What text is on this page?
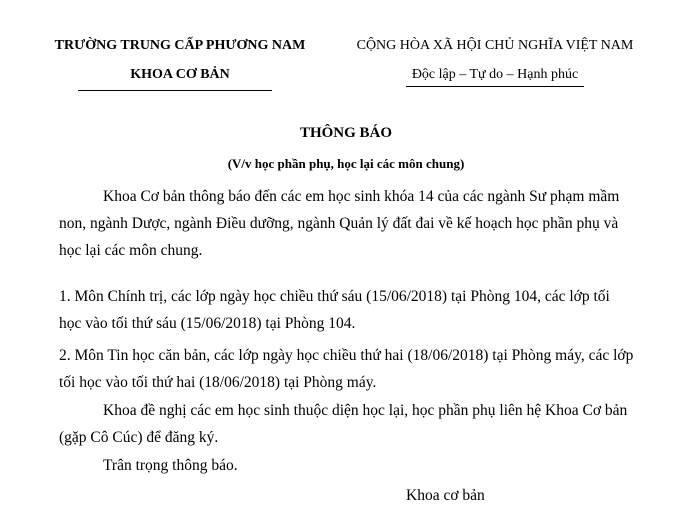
TRƯỜNG TRUNG CẤP PHƯƠNG NAM
KHOA CƠ BẢN
CỘNG HÒA XÃ HỘI CHỦ NGHĨA VIỆT NAM
Độc lập – Tự do – Hạnh phúc
THÔNG BÁO
(V/v học phần phụ, học lại các môn chung)
Khoa Cơ bản thông báo đến các em học sinh khóa 14 của các ngành Sư phạm mầm non, ngành Dược, ngành Điều dưỡng, ngành Quản lý đất đai về kế hoạch học phần phụ và học lại các môn chung.
1. Môn Chính trị, các lớp ngày học chiều thứ sáu (15/06/2018) tại Phòng 104, các lớp tối học vào tối thứ sáu (15/06/2018) tại Phòng 104.
2. Môn Tin học căn bản, các lớp ngày học chiều thứ hai (18/06/2018) tại Phòng máy, các lớp tối học vào tối thứ hai (18/06/2018) tại Phòng máy.
Khoa đề nghị các em học sinh thuộc diện học lại, học phần phụ liên hệ Khoa Cơ bản (gặp Cô Cúc) để đăng ký.
Trân trọng thông báo.
Khoa cơ bản
